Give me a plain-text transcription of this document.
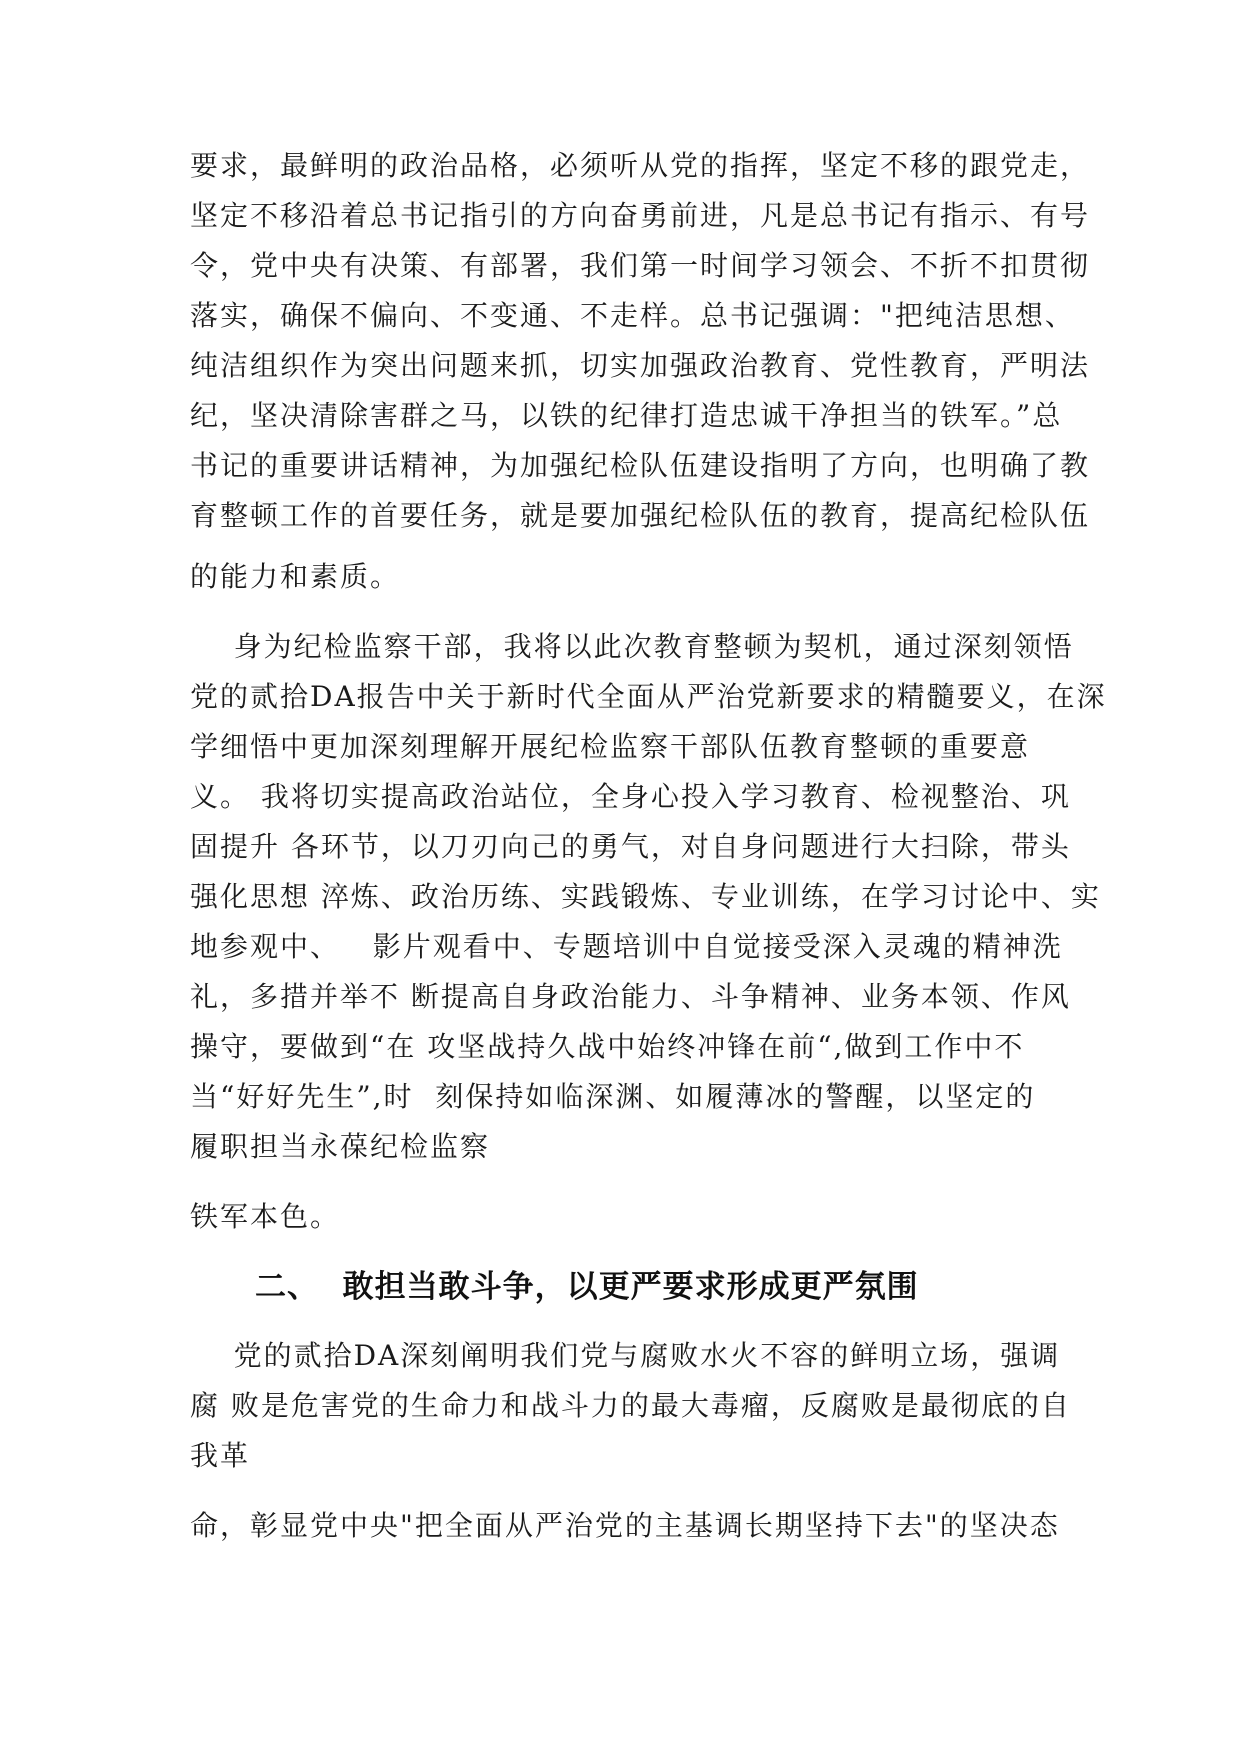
要求，最鲜明的政治品格，必须听从党的指挥，坚定不移的跟党走，

坚定不移沿着总书记指引的方向奋勇前进，凡是总书记有指示、有号

令，党中央有决策、有部署，我们第一时间学习领会、不折不扣贯彻

落实，确保不偏向、不变通、不走样。总书记强调："把纯洁思想、

纯洁组织作为突出问题来抓，切实加强政治教育、党性教育，严明法

纪，坚决清除害群之马，以铁的纪律打造忠诚干净担当的铁军。”总

书记的重要讲话精神，为加强纪检队伍建设指明了方向，也明确了教

育整顿工作的首要任务，就是要加强纪检队伍的教育，提高纪检队伍

的能力和素质。

身为纪检监察干部，我将以此次教育整顿为契机，通过深刻领悟

党的贰拾DA报告中关于新时代全面从严治党新要求的精髓要义，在深

学细悟中更加深刻理解开展纪检监察干部队伍教育整顿的重要意

义。 我将切实提高政治站位，全身心投入学习教育、检视整治、巩

固提升 各环节，以刀刃向己的勇气，对自身问题进行大扫除，带头

强化思想 淬炼、政治历练、实践锻炼、专业训练，在学习讨论中、实

地参观中、   影片观看中、专题培训中自觉接受深入灵魂的精神洗

礼，多措并举不 断提高自身政治能力、斗争精神、业务本领、作风

操守，要做到“在 攻坚战持久战中始终冲锋在前“,做到工作中不

当“好好先生”,时  刻保持如临深渊、如履薄冰的警醒，以坚定的

履职担当永葆纪检监察

铁军本色。

二、  敢担当敢斗争，以更严要求形成更严氛围

党的贰拾DA深刻阐明我们党与腐败水火不容的鲜明立场，强调

腐 败是危害党的生命力和战斗力的最大毒瘤，反腐败是最彻底的自

我革

命，彰显党中央"把全面从严治党的主基调长期坚持下去"的坚决态
